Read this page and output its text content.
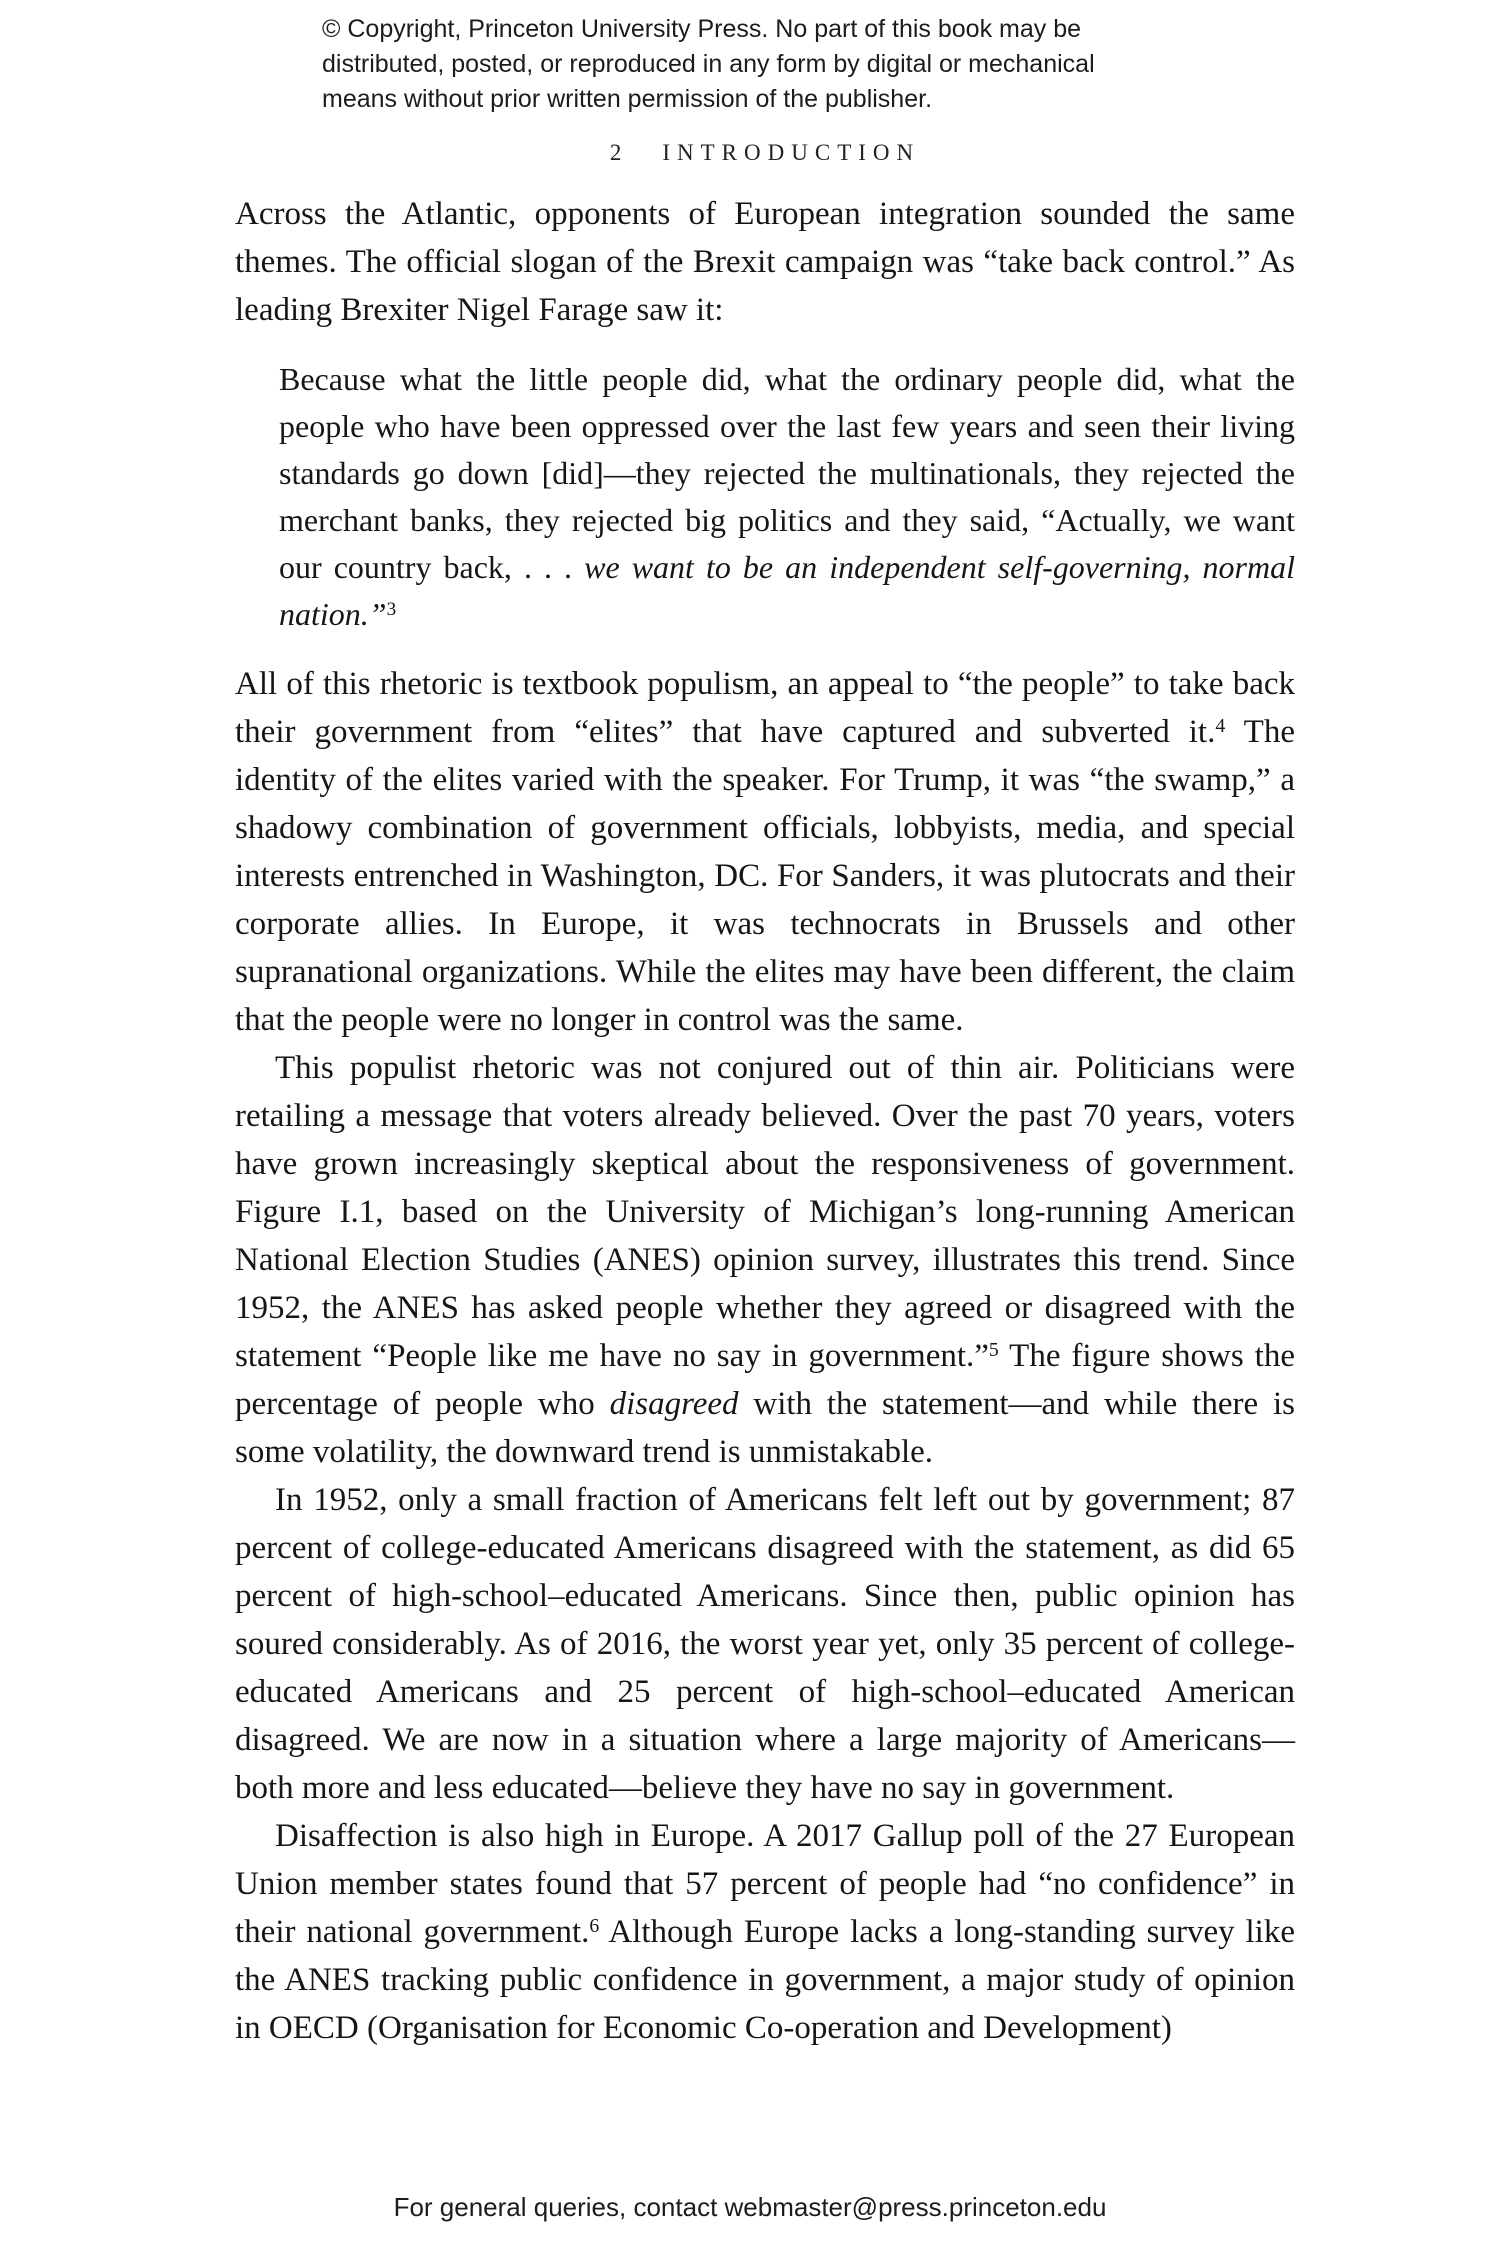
© Copyright, Princeton University Press. No part of this book may be
distributed, posted, or reproduced in any form by digital or mechanical
means without prior written permission of the publisher.
2 INTRODUCTION
Across the Atlantic, opponents of European integration sounded the same themes. The official slogan of the Brexit campaign was “take back control.” As leading Brexiter Nigel Farage saw it:
Because what the little people did, what the ordinary people did, what the people who have been oppressed over the last few years and seen their living standards go down [did]—they rejected the multinationals, they rejected the merchant banks, they rejected big politics and they said, “Actually, we want our country back, . . . we want to be an independent self-governing, normal nation.”$^3$
All of this rhetoric is textbook populism, an appeal to “the people” to take back their government from “elites” that have captured and subverted it.$^4$ The identity of the elites varied with the speaker. For Trump, it was “the swamp,” a shadowy combination of government officials, lobbyists, media, and special interests entrenched in Washington, DC. For Sanders, it was plutocrats and their corporate allies. In Europe, it was technocrats in Brussels and other supranational organizations. While the elites may have been different, the claim that the people were no longer in control was the same.
This populist rhetoric was not conjured out of thin air. Politicians were retailing a message that voters already believed. Over the past 70 years, voters have grown increasingly skeptical about the responsiveness of government. Figure I.1, based on the University of Michigan’s long-running American National Election Studies (ANES) opinion survey, illustrates this trend. Since 1952, the ANES has asked people whether they agreed or disagreed with the statement “People like me have no say in government.”$^5$ The figure shows the percentage of people who disagreed with the statement—and while there is some volatility, the downward trend is unmistakable.
In 1952, only a small fraction of Americans felt left out by government; 87 percent of college-educated Americans disagreed with the statement, as did 65 percent of high-school–educated Americans. Since then, public opinion has soured considerably. As of 2016, the worst year yet, only 35 percent of college-educated Americans and 25 percent of high-school–educated American disagreed. We are now in a situation where a large majority of Americans—both more and less educated—believe they have no say in government.
Disaffection is also high in Europe. A 2017 Gallup poll of the 27 European Union member states found that 57 percent of people had “no confidence” in their national government.$^6$ Although Europe lacks a long-standing survey like the ANES tracking public confidence in government, a major study of opinion in OECD (Organisation for Economic Co-operation and Development)
For general queries, contact webmaster@press.princeton.edu
